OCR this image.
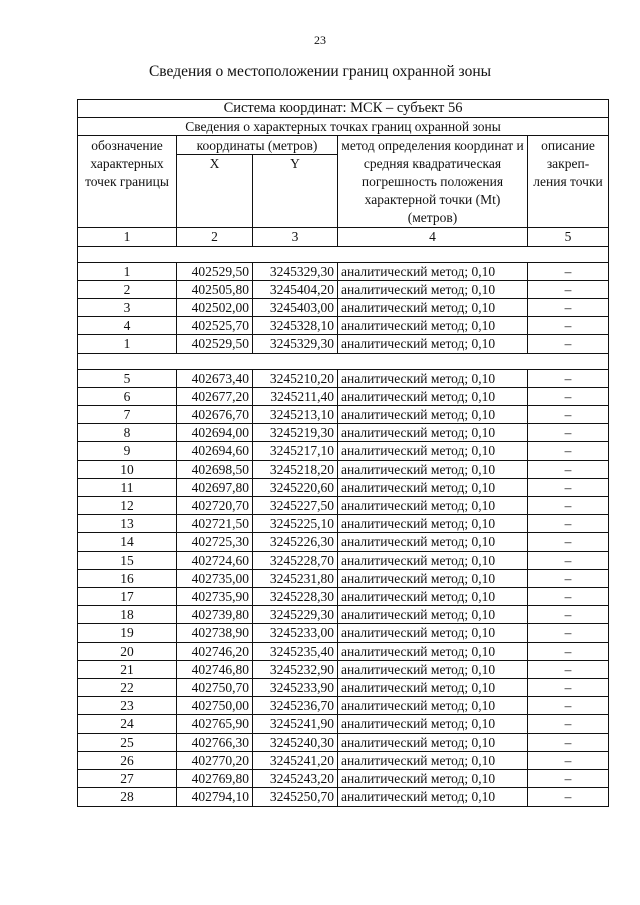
23
Сведения о местоположении границ охранной зоны
Система координат: МСК – субъект 56				
Сведения о характерных точках границ охранной зоны				
обозначение характерных точек границы	координаты (метров)		метод определения координат и средняя квадратическая погрешность положения характерной точки (Mt) (метров)	описание закреп-ления точки
	X	Y		
1	2	3	4	5

1	402529,50	3245329,30	аналитический метод; 0,10	–
2	402505,80	3245404,20	аналитический метод; 0,10	–
3	402502,00	3245403,00	аналитический метод; 0,10	–
4	402525,70	3245328,10	аналитический метод; 0,10	–
1	402529,50	3245329,30	аналитический метод; 0,10	–

5	402673,40	3245210,20	аналитический метод; 0,10	–
6	402677,20	3245211,40	аналитический метод; 0,10	–
7	402676,70	3245213,10	аналитический метод; 0,10	–
8	402694,00	3245219,30	аналитический метод; 0,10	–
9	402694,60	3245217,10	аналитический метод; 0,10	–
10	402698,50	3245218,20	аналитический метод; 0,10	–
11	402697,80	3245220,60	аналитический метод; 0,10	–
12	402720,70	3245227,50	аналитический метод; 0,10	–
13	402721,50	3245225,10	аналитический метод; 0,10	–
14	402725,30	3245226,30	аналитический метод; 0,10	–
15	402724,60	3245228,70	аналитический метод; 0,10	–
16	402735,00	3245231,80	аналитический метод; 0,10	–
17	402735,90	3245228,30	аналитический метод; 0,10	–
18	402739,80	3245229,30	аналитический метод; 0,10	–
19	402738,90	3245233,00	аналитический метод; 0,10	–
20	402746,20	3245235,40	аналитический метод; 0,10	–
21	402746,80	3245232,90	аналитический метод; 0,10	–
22	402750,70	3245233,90	аналитический метод; 0,10	–
23	402750,00	3245236,70	аналитический метод; 0,10	–
24	402765,90	3245241,90	аналитический метод; 0,10	–
25	402766,30	3245240,30	аналитический метод; 0,10	–
26	402770,20	3245241,20	аналитический метод; 0,10	–
27	402769,80	3245243,20	аналитический метод; 0,10	–
28	402794,10	3245250,70	аналитический метод; 0,10	–
